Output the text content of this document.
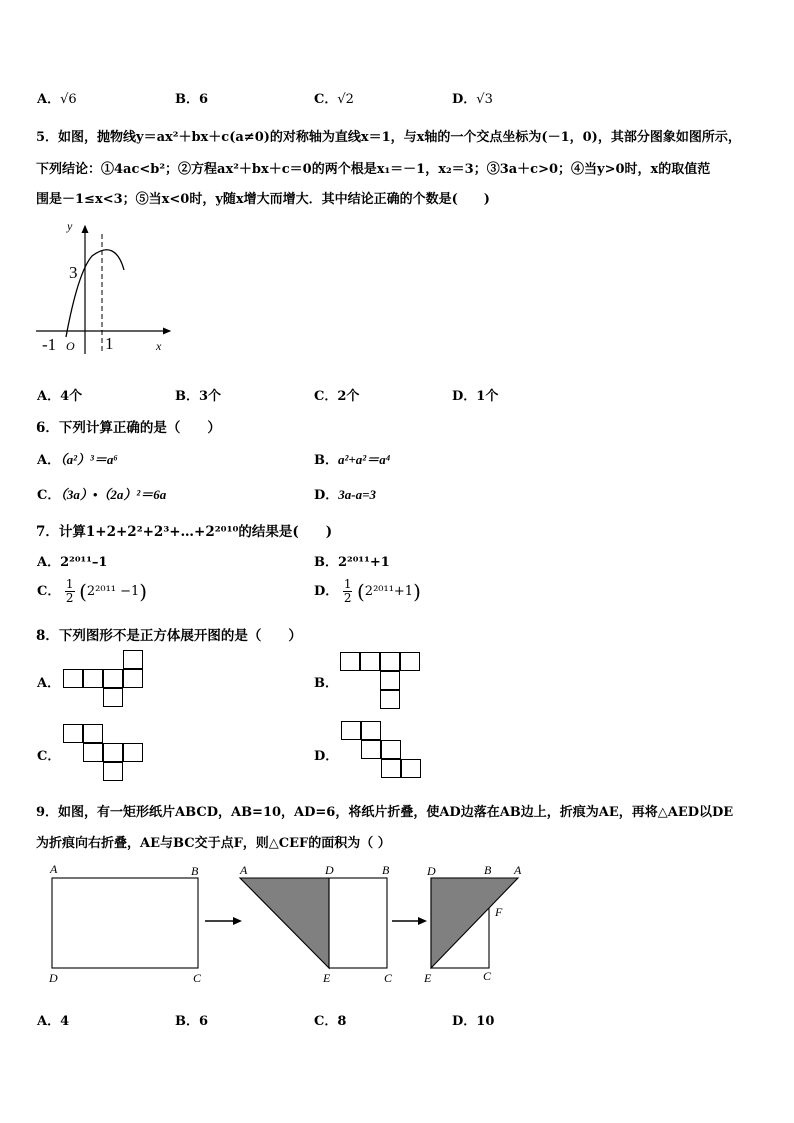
A．√6	B．6	C．√2	D．√3
5．如图，抛物线y＝ax²＋bx＋c(a≠0)的对称轴为直线x＝1，与x轴的一个交点坐标为(－1，0)，其部分图象如图所示，
下列结论：①4ac<b²；②方程ax²＋bx＋c＝0的两个根是x₁＝－1，x₂＝3；③3a＋c>0；④当y>0时，x的取值范
围是－1≤x<3；⑤当x<0时，y随x增大而增大．其中结论正确的个数是(　　)
y
x
3
-1 O 1
A．4个	B．3个	C．2个	D．1个
6．下列计算正确的是（　　）
A．（a²）³＝a⁶	B．a²+a²＝a⁴
C．（3a）•（2a）²＝6a	D．3a-a=3
7．计算1+2+2²+2³+…+2²⁰¹⁰的结果是(　　)
A．2²⁰¹¹–1	B．2²⁰¹¹+1
C． $\frac{1}{2} (2^{2011} -1)$	D． $\frac{1}{2} (2^{2011}+1)$
8．下列图形不是正方体展开图的是（　　）
A．	B．
C．	D．
9．如图，有一矩形纸片ABCD，AB=10，AD=6，将纸片折叠，使AD边落在AB边上，折痕为AE，再将△AED以DE
为折痕向右折叠，AE与BC交于点F，则△CEF的面积为（ ）
A	B
D	C
A	D	B
E	C
D	B A
F
E	C
A．4	B．6	C．8	D．10
